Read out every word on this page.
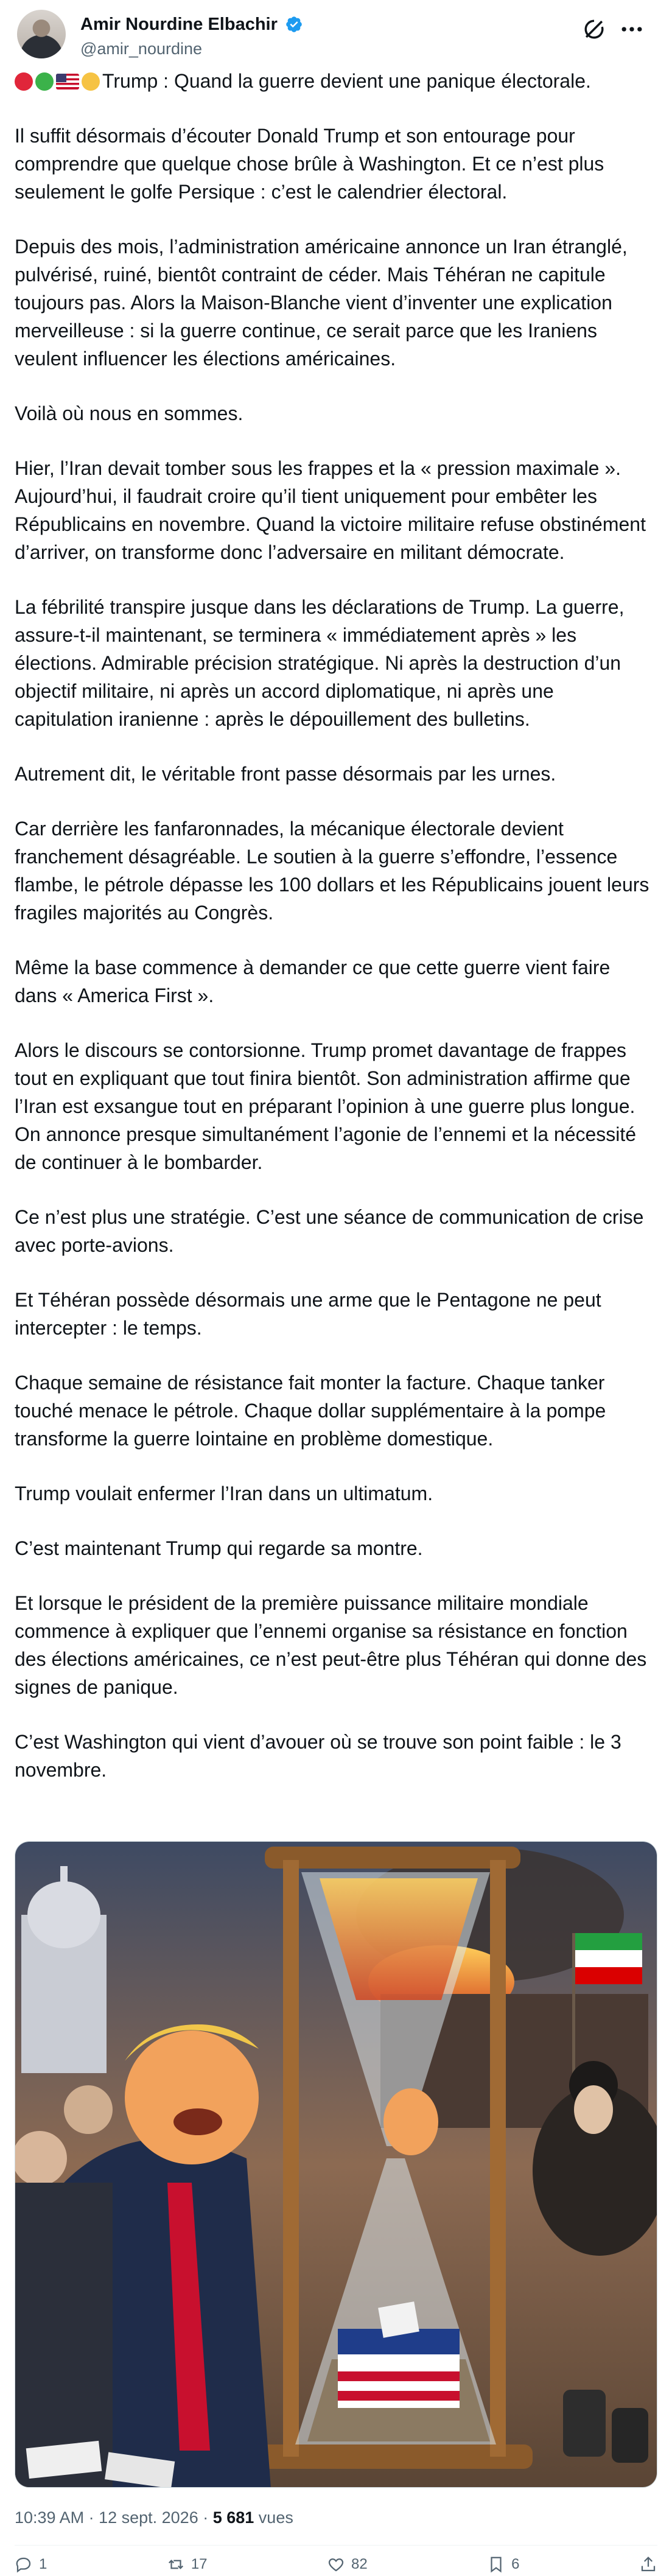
Amir Nourdine Elbachir
@amir_nourdine

Trump : Quand la guerre devient une panique électorale.

Il suffit désormais d’écouter Donald Trump et son entourage pour comprendre que quelque chose brûle à Washington. Et ce n’est plus seulement le golfe Persique : c’est le calendrier électoral.

Depuis des mois, l’administration américaine annonce un Iran étranglé, pulvérisé, ruiné, bientôt contraint de céder. Mais Téhéran ne capitule toujours pas. Alors la Maison-Blanche vient d’inventer une explication merveilleuse : si la guerre continue, ce serait parce que les Iraniens veulent influencer les élections américaines.

Voilà où nous en sommes.

Hier, l’Iran devait tomber sous les frappes et la « pression maximale ». Aujourd’hui, il faudrait croire qu’il tient uniquement pour embêter les Républicains en novembre. Quand la victoire militaire refuse obstinément d’arriver, on transforme donc l’adversaire en militant démocrate.

La fébrilité transpire jusque dans les déclarations de Trump. La guerre, assure-t-il maintenant, se terminera « immédiatement après » les élections. Admirable précision stratégique. Ni après la destruction d’un objectif militaire, ni après un accord diplomatique, ni après une capitulation iranienne : après le dépouillement des bulletins.

Autrement dit, le véritable front passe désormais par les urnes.

Car derrière les fanfaronnades, la mécanique électorale devient franchement désagréable. Le soutien à la guerre s’effondre, l’essence flambe, le pétrole dépasse les 100 dollars et les Républicains jouent leurs fragiles majorités au Congrès.

Même la base commence à demander ce que cette guerre vient faire dans « America First ».

Alors le discours se contorsionne. Trump promet davantage de frappes tout en expliquant que tout finira bientôt. Son administration affirme que l’Iran est exsangue tout en préparant l’opinion à une guerre plus longue. On annonce presque simultanément l’agonie de l’ennemi et la nécessité de continuer à le bombarder.

Ce n’est plus une stratégie. C’est une séance de communication de crise avec porte-avions.

Et Téhéran possède désormais une arme que le Pentagone ne peut intercepter : le temps.

Chaque semaine de résistance fait monter la facture. Chaque tanker touché menace le pétrole. Chaque dollar supplémentaire à la pompe transforme la guerre lointaine en problème domestique.

Trump voulait enfermer l’Iran dans un ultimatum.

C’est maintenant Trump qui regarde sa montre.

Et lorsque le président de la première puissance militaire mondiale commence à expliquer que l’ennemi organise sa résistance en fonction des élections américaines, ce n’est peut-être plus Téhéran qui donne des signes de panique.

C’est Washington qui vient d’avouer où se trouve son point faible : le 3 novembre.

10:39 AM · 12 sept. 2026 · 5 681 vues
1	17	82	6
